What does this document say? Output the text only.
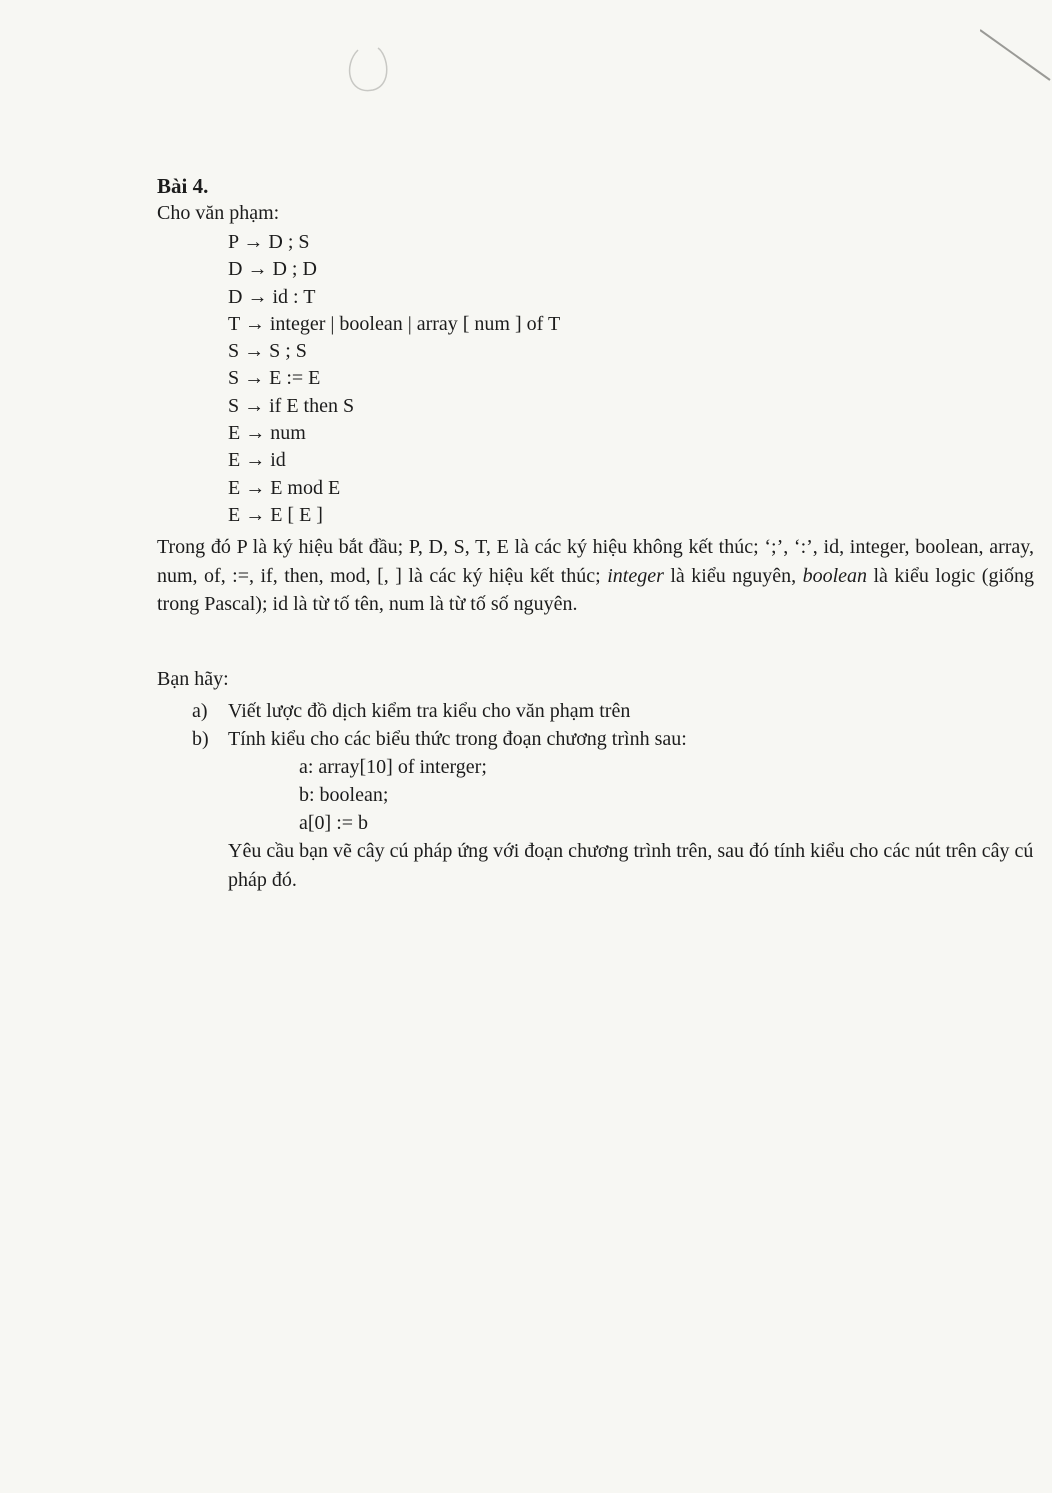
Bài 4.
Cho văn phạm:
P → D ; S
D → D ; D
D → id : T
T → integer | boolean | array [ num ] of T
S → S ; S
S → E := E
S → if E then S
E → num
E → id
E → E mod E
E → E [ E ]
Trong đó P là ký hiệu bắt đầu; P, D, S, T, E là các ký hiệu không kết thúc; ‘;’, ‘:’, id, integer, boolean, array, num, of, :=, if, then, mod, [, ] là các ký hiệu kết thúc; integer là kiểu nguyên, boolean là kiểu logic (giống trong Pascal); id là từ tố tên, num là từ tố số nguyên.
Bạn hãy:
a) Viết lược đồ dịch kiểm tra kiểu cho văn phạm trên
b) Tính kiểu cho các biểu thức trong đoạn chương trình sau:
a: array[10] of interger;
b: boolean;
a[0] := b
Yêu cầu bạn vẽ cây cú pháp ứng với đoạn chương trình trên, sau đó tính kiểu cho các nút trên cây cú pháp đó.
